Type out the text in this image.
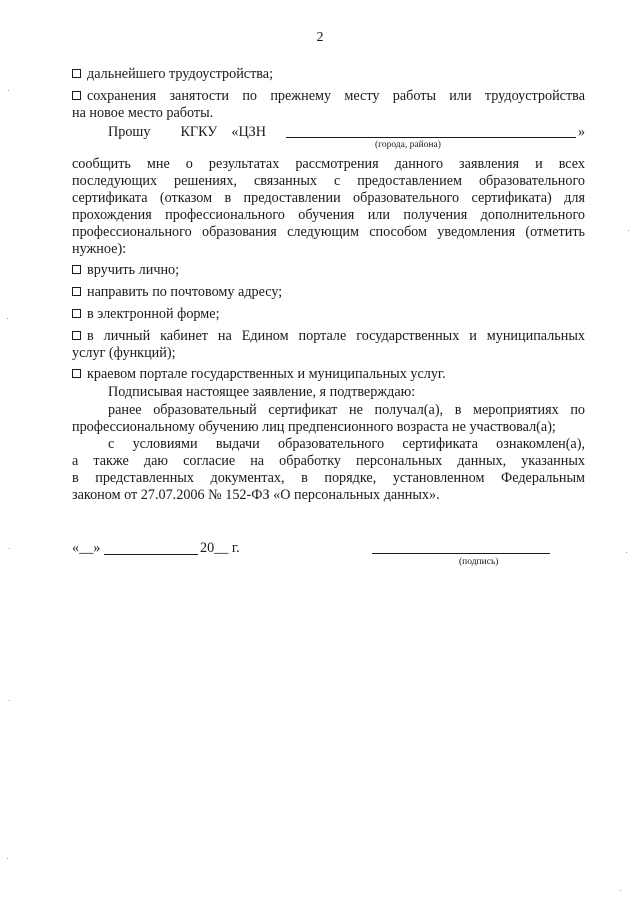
2
дальнейшего трудоустройства;
сохранения занятости по прежнему месту работы или трудоустройства
на новое место работы.
Прошу КГКУ «ЦЗН	»
(города, района)
сообщить мне о результатах рассмотрения данного заявления и всех
последующих решениях, связанных с предоставлением образовательного
сертификата (отказом в предоставлении образовательного сертификата) для
прохождения профессионального обучения или получения дополнительного
профессионального образования следующим способом уведомления (отметить
нужное):
вручить лично;
направить по почтовому адресу;
в электронной форме;
в личный кабинет на Едином портале государственных и муниципальных
услуг (функций);
краевом портале государственных и муниципальных услуг.
Подписывая настоящее заявление, я подтверждаю:
ранее образовательный сертификат не получал(а), в мероприятиях по
профессиональному обучению лиц предпенсионного возраста не участвовал(а);
с условиями выдачи образовательного сертификата ознакомлен(а),
а также даю согласие на обработку персональных данных, указанных
в представленных документах, в порядке, установленном Федеральным
законом от 27.07.2006 № 152-ФЗ «О персональных данных».
«__»	20__ г.
(подпись)
